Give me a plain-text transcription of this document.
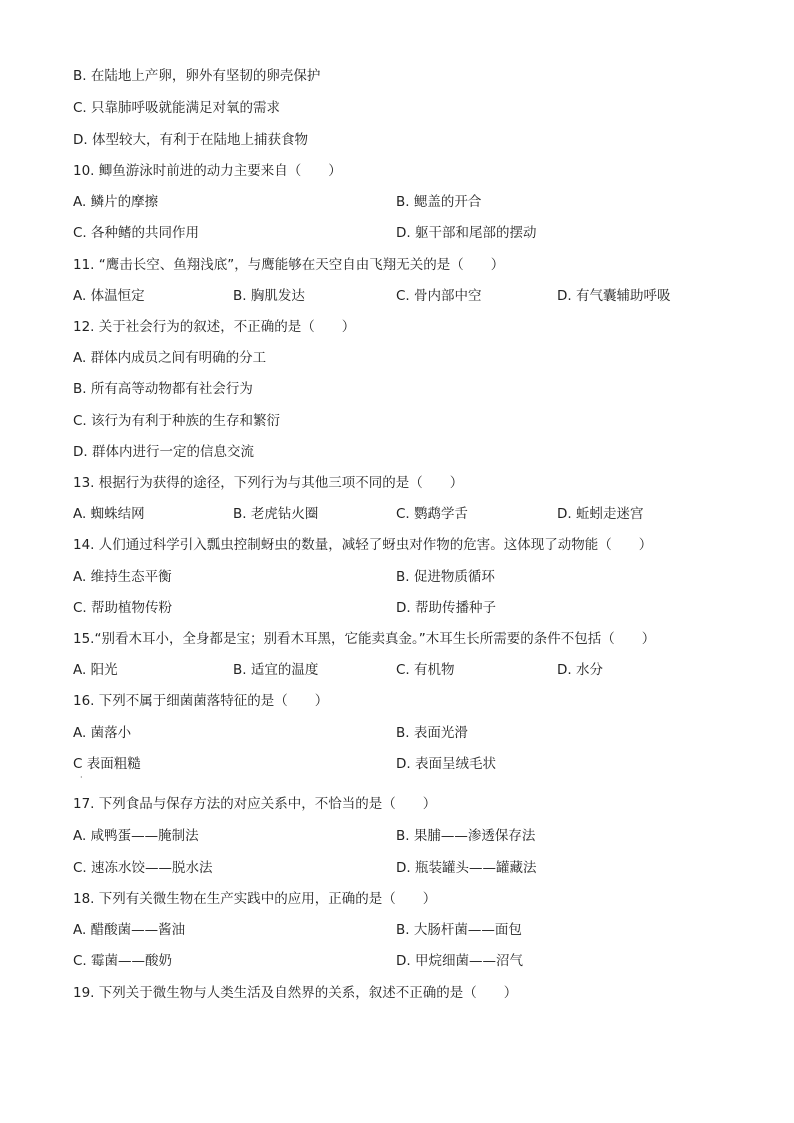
B. 在陆地上产卵，卵外有坚韧的卵壳保护
C. 只靠肺呼吸就能满足对氧的需求
D. 体型较大，有利于在陆地上捕获食物
10. 鲫鱼游泳时前进的动力主要来自（　　）
A. 鳞片的摩擦	B. 鳃盖的开合
C. 各种鳍的共同作用	D. 躯干部和尾部的摆动
11. “鹰击长空、鱼翔浅底”，与鹰能够在天空自由飞翔无关的是（　　）
A. 体温恒定	B. 胸肌发达	C. 骨内部中空	D. 有气囊辅助呼吸
12. 关于社会行为的叙述，不正确的是（　　）
A. 群体内成员之间有明确的分工
B. 所有高等动物都有社会行为
C. 该行为有利于种族的生存和繁衍
D. 群体内进行一定的信息交流
13. 根据行为获得的途径，下列行为与其他三项不同的是（　　）
A. 蜘蛛结网	B. 老虎钻火圈	C. 鹦鹉学舌	D. 蚯蚓走迷宫
14. 人们通过科学引入瓢虫控制蚜虫的数量，减轻了蚜虫对作物的危害。这体现了动物能（　　）
A. 维持生态平衡	B. 促进物质循环
C. 帮助植物传粉	D. 帮助传播种子
15.“别看木耳小，全身都是宝；别看木耳黑，它能卖真金。”木耳生长所需要的条件不包括（　　）
A. 阳光	B. 适宜的温度	C. 有机物	D. 水分
16. 下列不属于细菌菌落特征的是（　　）
A. 菌落小	B. 表面光滑
C 表面粗糙	D. 表面呈绒毛状
17. 下列食品与保存方法的对应关系中，不恰当的是（　　）
A. 咸鸭蛋——腌制法	B. 果脯——渗透保存法
C. 速冻水饺——脱水法	D. 瓶装罐头——罐藏法
18. 下列有关微生物在生产实践中的应用，正确的是（　　）
A. 醋酸菌——酱油	B. 大肠杆菌——面包
C. 霉菌——酸奶	D. 甲烷细菌——沼气
19. 下列关于微生物与人类生活及自然界的关系，叙述不正确的是（　　）
·
